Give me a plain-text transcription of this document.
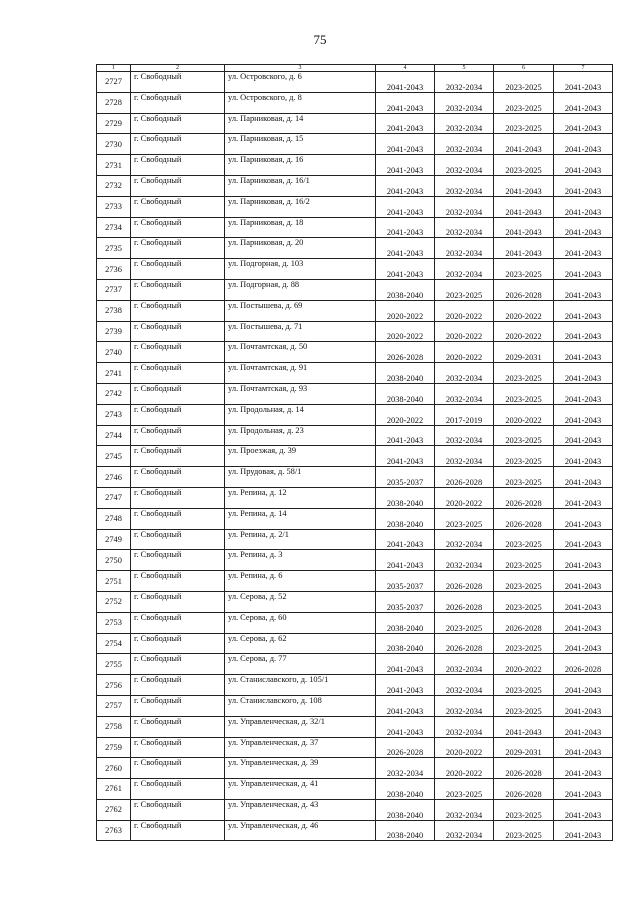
75
1	2	3	4	5	6	7
2727	г. Свободный	ул. Островского, д. 6	2041-2043	2032-2034	2023-2025	2041-2043
2728	г. Свободный	ул. Островского, д. 8	2041-2043	2032-2034	2023-2025	2041-2043
2729	г. Свободный	ул. Парниковая, д. 14	2041-2043	2032-2034	2023-2025	2041-2043
2730	г. Свободный	ул. Парниковая, д. 15	2041-2043	2032-2034	2041-2043	2041-2043
2731	г. Свободный	ул. Парниковая, д. 16	2041-2043	2032-2034	2023-2025	2041-2043
2732	г. Свободный	ул. Парниковая, д. 16/1	2041-2043	2032-2034	2041-2043	2041-2043
2733	г. Свободный	ул. Парниковая, д. 16/2	2041-2043	2032-2034	2041-2043	2041-2043
2734	г. Свободный	ул. Парниковая, д. 18	2041-2043	2032-2034	2041-2043	2041-2043
2735	г. Свободный	ул. Парниковая, д. 20	2041-2043	2032-2034	2041-2043	2041-2043
2736	г. Свободный	ул. Подгорная, д. 103	2041-2043	2032-2034	2023-2025	2041-2043
2737	г. Свободный	ул. Подгорная, д. 88	2038-2040	2023-2025	2026-2028	2041-2043
2738	г. Свободный	ул. Постышева, д. 69	2020-2022	2020-2022	2020-2022	2041-2043
2739	г. Свободный	ул. Постышева, д. 71	2020-2022	2020-2022	2020-2022	2041-2043
2740	г. Свободный	ул. Почтамтская, д. 50	2026-2028	2020-2022	2029-2031	2041-2043
2741	г. Свободный	ул. Почтамтская, д. 91	2038-2040	2032-2034	2023-2025	2041-2043
2742	г. Свободный	ул. Почтамтская, д. 93	2038-2040	2032-2034	2023-2025	2041-2043
2743	г. Свободный	ул. Продольная, д. 14	2020-2022	2017-2019	2020-2022	2041-2043
2744	г. Свободный	ул. Продольная, д. 23	2041-2043	2032-2034	2023-2025	2041-2043
2745	г. Свободный	ул. Проезжая, д. 39	2041-2043	2032-2034	2023-2025	2041-2043
2746	г. Свободный	ул. Прудовая, д. 58/1	2035-2037	2026-2028	2023-2025	2041-2043
2747	г. Свободный	ул. Репина, д. 12	2038-2040	2020-2022	2026-2028	2041-2043
2748	г. Свободный	ул. Репина, д. 14	2038-2040	2023-2025	2026-2028	2041-2043
2749	г. Свободный	ул. Репина, д. 2/1	2041-2043	2032-2034	2023-2025	2041-2043
2750	г. Свободный	ул. Репина, д. 3	2041-2043	2032-2034	2023-2025	2041-2043
2751	г. Свободный	ул. Репина, д. 6	2035-2037	2026-2028	2023-2025	2041-2043
2752	г. Свободный	ул. Серова, д. 52	2035-2037	2026-2028	2023-2025	2041-2043
2753	г. Свободный	ул. Серова, д. 60	2038-2040	2023-2025	2026-2028	2041-2043
2754	г. Свободный	ул. Серова, д. 62	2038-2040	2026-2028	2023-2025	2041-2043
2755	г. Свободный	ул. Серова, д. 77	2041-2043	2032-2034	2020-2022	2026-2028
2756	г. Свободный	ул. Станиславского, д. 105/1	2041-2043	2032-2034	2023-2025	2041-2043
2757	г. Свободный	ул. Станиславского, д. 108	2041-2043	2032-2034	2023-2025	2041-2043
2758	г. Свободный	ул. Управленческая, д. 32/1	2041-2043	2032-2034	2041-2043	2041-2043
2759	г. Свободный	ул. Управленческая, д. 37	2026-2028	2020-2022	2029-2031	2041-2043
2760	г. Свободный	ул. Управленческая, д. 39	2032-2034	2020-2022	2026-2028	2041-2043
2761	г. Свободный	ул. Управленческая, д. 41	2038-2040	2023-2025	2026-2028	2041-2043
2762	г. Свободный	ул. Управленческая, д. 43	2038-2040	2032-2034	2023-2025	2041-2043
2763	г. Свободный	ул. Управленческая, д. 46	2038-2040	2032-2034	2023-2025	2041-2043
